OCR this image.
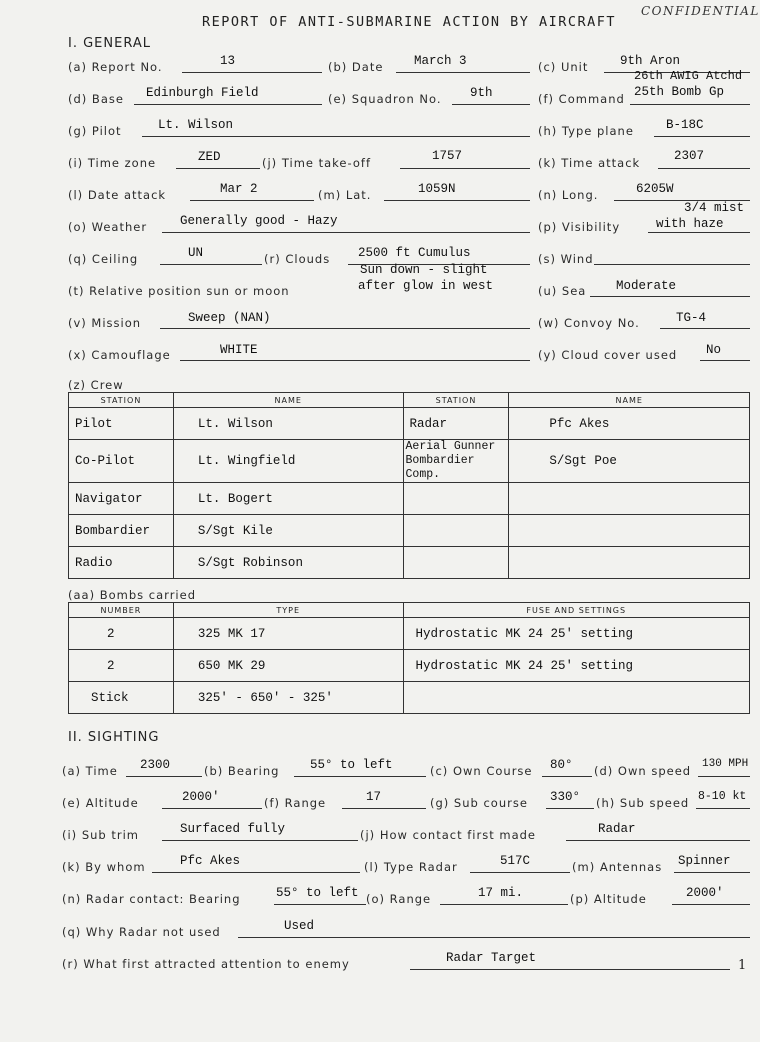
REPORT OF ANTI-SUBMARINE ACTION BY AIRCRAFT
CONFIDENTIAL
I. GENERAL
(a) Report No.	13	(b) Date March 3	(c) Unit	9th Aron
26th AWIG Atchd
(d) Base Edinburgh Field	(e) Squadron No. 9th	(f) Command 25th Bomb Gp
(g) Pilot	Lt. Wilson	(h) Type plane	B-18C
(i) Time zone	ZED	(j) Time take-off	1757	(k) Time attack	2307
(l) Date attack	Mar 2	(m) Lat.	1059N	(n) Long.	6205W
(o) Weather	Generally good - Hazy	(p) Visibility
3/4 mist
with haze
(q) Ceiling	UN	(r) Clouds 2500 ft Cumulus	(s) Wind
(t) Relative position sun or moon
Sun down - slight
after glow in west	(u) Sea Moderate
(v) Mission	Sweep (NAN)	(w) Convoy No.	TG-4
(x) Camouflage	WHITE	(y) Cloud cover used No
(z) Crew
STATION	NAME	STATION	NAME
Pilot	Lt. Wilson	Radar	Pfc Akes
Co-Pilot	Lt. Wingfield	Aerial Gunner Bombardier Comp.	S/Sgt Poe
Navigator	Lt. Bogert		
Bombardier	S/Sgt Kile		
Radio	S/Sgt Robinson		
(aa) Bombs carried
NUMBER	TYPE	FUSE AND SETTINGS
2	325 MK 17	Hydrostatic MK 24 25' setting
2	650 MK 29	Hydrostatic MK 24 25' setting
Stick	325' - 650' - 325'	
II. SIGHTING
(a) Time 2300	(b) Bearing 55° to left	(c) Own Course 80° (d) Own speed 130 MPH
(e) Altitude	2000'	(f) Range	17	(g) Sub course 330° (h) Sub speed 8-10 kt
(i) Sub trim	Surfaced fully	(j) How contact first made	Radar
(k) By whom	Pfc Akes	(l) Type Radar	517C	(m) Antennas Spinner
(n) Radar contact: Bearing	55° to left (o) Range	17 mi.	(p) Altitude	2000'
(q) Why Radar not used	Used
(r) What first attracted attention to enemy	Radar Target	1
